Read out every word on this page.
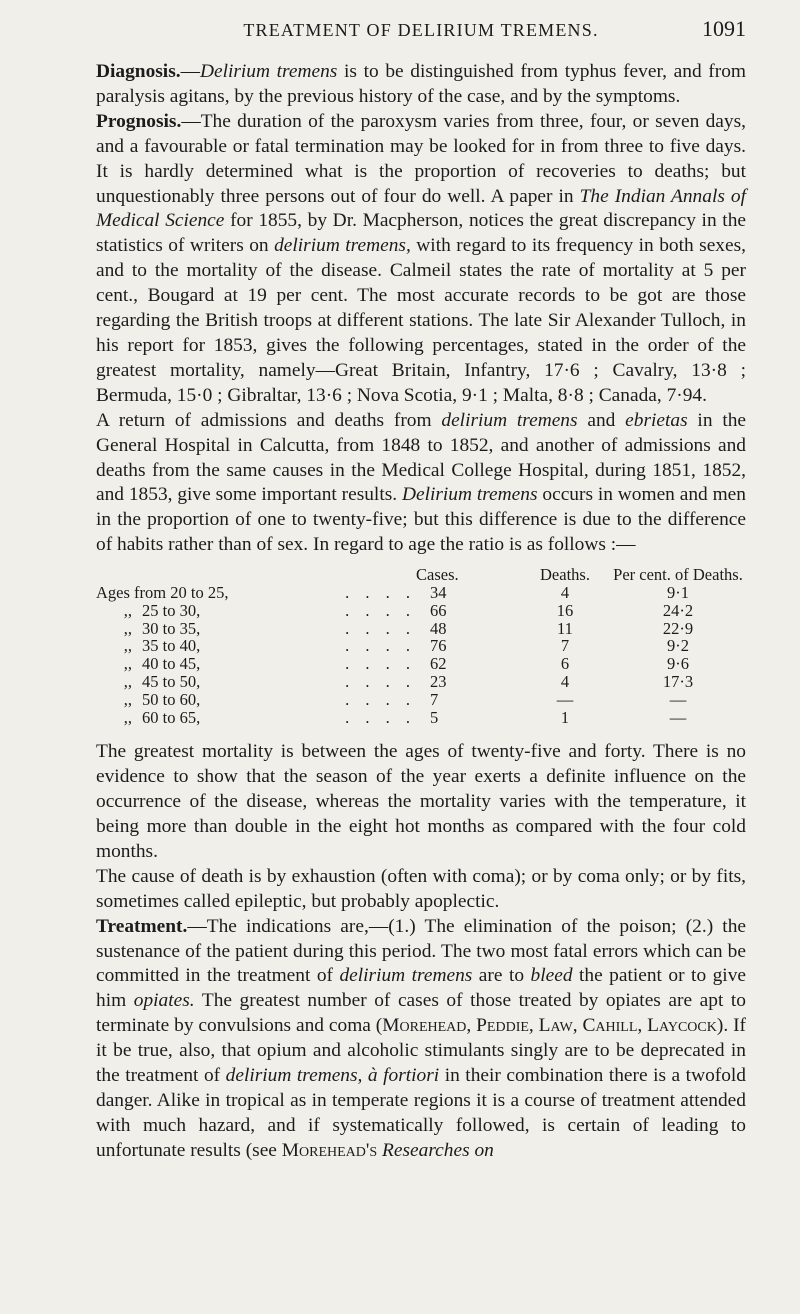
TREATMENT OF DELIRIUM TREMENS.	1091

Diagnosis.—Delirium tremens is to be distinguished from typhus fever, and from paralysis agitans, by the previous history of the case, and by the symptoms.

Prognosis.—The duration of the paroxysm varies from three, four, or seven days, and a favourable or fatal termination may be looked for in from three to five days. It is hardly determined what is the proportion of recoveries to deaths; but unquestionably three persons out of four do well. A paper in The Indian Annals of Medical Science for 1855, by Dr. Macpherson, notices the great discrepancy in the statistics of writers on delirium tremens, with regard to its frequency in both sexes, and to the mortality of the disease. Calmeil states the rate of mortality at 5 per cent., Bougard at 19 per cent. The most accurate records to be got are those regarding the British troops at different stations. The late Sir Alexander Tulloch, in his report for 1853, gives the following percentages, stated in the order of the greatest mortality, namely—Great Britain, Infantry, 17·6 ; Cavalry, 13·8 ; Bermuda, 15·0 ; Gibraltar, 13·6 ; Nova Scotia, 9·1 ; Malta, 8·8 ; Canada, 7·94.

A return of admissions and deaths from delirium tremens and ebrietas in the General Hospital in Calcutta, from 1848 to 1852, and another of admissions and deaths from the same causes in the Medical College Hospital, during 1851, 1852, and 1853, give some important results. Delirium tremens occurs in women and men in the proportion of one to twenty-five; but this difference is due to the difference of habits rather than of sex. In regard to age the ratio is as follows :—

	Cases.	Deaths.	Per cent. of Deaths.
Ages from 20 to 25, . . . .	34	4	9·1
,, 25 to 30, . . . .	66	16	24·2
,, 30 to 35, . . . .	48	11	22·9
,, 35 to 40, . . . .	76	7	9·2
,, 40 to 45, . . . .	62	6	9·6
,, 45 to 50, . . . .	23	4	17·3
,, 50 to 60, . . . .	7	—	—
,, 60 to 65, . . . .	5	1	—

The greatest mortality is between the ages of twenty-five and forty. There is no evidence to show that the season of the year exerts a definite influence on the occurrence of the disease, whereas the mortality varies with the temperature, it being more than double in the eight hot months as compared with the four cold months.

The cause of death is by exhaustion (often with coma); or by coma only; or by fits, sometimes called epileptic, but probably apoplectic.

Treatment.—The indications are,—(1.) The elimination of the poison; (2.) the sustenance of the patient during this period. The two most fatal errors which can be committed in the treatment of delirium tremens are to bleed the patient or to give him opiates. The greatest number of cases of those treated by opiates are apt to terminate by convulsions and coma (Morehead, Peddie, Law, Cahill, Laycock). If it be true, also, that opium and alcoholic stimulants singly are to be deprecated in the treatment of delirium tremens, à fortiori in their combination there is a twofold danger. Alike in tropical as in temperate regions it is a course of treatment attended with much hazard, and if systematically followed, is certain of leading to unfortunate results (see Morehead's Researches on
